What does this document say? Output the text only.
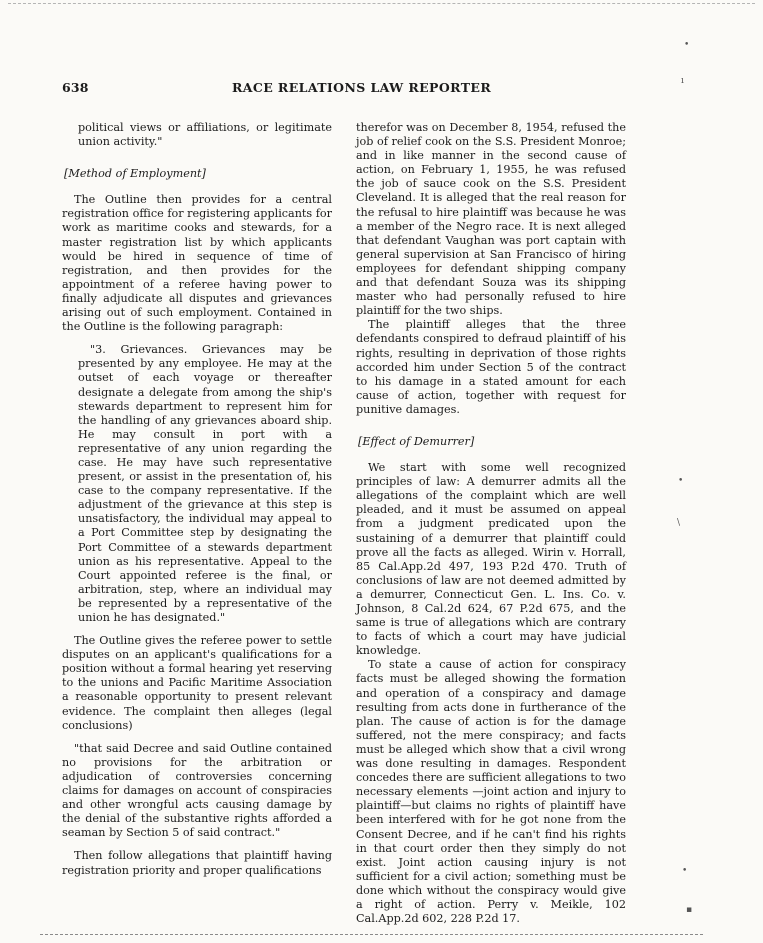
638	RACE RELATIONS LAW REPORTER

political views or affiliations, or legitimate union activity."

[Method of Employment]

The Outline then provides for a central registration office for registering applicants for work as maritime cooks and stewards, for a master registration list by which applicants would be hired in sequence of time of registration, and then provides for the appointment of a referee having power to finally adjudicate all disputes and grievances arising out of such employment. Contained in the Outline is the following paragraph:

"3. Grievances. Grievances may be presented by any employee. He may at the outset of each voyage or thereafter designate a delegate from among the ship's stewards department to represent him for the handling of any grievances aboard ship. He may consult in port with a representative of any union regarding the case. He may have such representative present, or assist in the presentation of, his case to the company representative. If the adjustment of the grievance at this step is unsatisfactory, the individual may appeal to a Port Committee step by designating the Port Committee of a stewards department union as his representative. Appeal to the Court appointed referee is the final, or arbitration, step, where an individual may be represented by a representative of the union he has designated."

The Outline gives the referee power to settle disputes on an applicant's qualifications for a position without a formal hearing yet reserving to the unions and Pacific Maritime Association a reasonable opportunity to present relevant evidence. The complaint then alleges (legal conclusions)

"that said Decree and said Outline contained no provisions for the arbitration or adjudication of controversies concerning claims for damages on account of conspiracies and other wrongful acts causing damage by the denial of the substantive rights afforded a seaman by Section 5 of said contract."

Then follow allegations that plaintiff having registration priority and proper qualifications

therefor was on December 8, 1954, refused the job of relief cook on the S.S. President Monroe; and in like manner in the second cause of action, on February 1, 1955, he was refused the job of sauce cook on the S.S. President Cleveland. It is alleged that the real reason for the refusal to hire plaintiff was because he was a member of the Negro race. It is next alleged that defendant Vaughan was port captain with general supervision at San Francisco of hiring employees for defendant shipping company and that defendant Souza was its shipping master who had personally refused to hire plaintiff for the two ships.

The plaintiff alleges that the three defendants conspired to defraud plaintiff of his rights, resulting in deprivation of those rights accorded him under Section 5 of the contract to his damage in a stated amount for each cause of action, together with request for punitive damages.

[Effect of Demurrer]

We start with some well recognized principles of law: A demurrer admits all the allegations of the complaint which are well pleaded, and it must be assumed on appeal from a judgment predicated upon the sustaining of a demurrer that plaintiff could prove all the facts as alleged. Wirin v. Horrall, 85 Cal.App.2d 497, 193 P.2d 470. Truth of conclusions of law are not deemed admitted by a demurrer, Connecticut Gen. L. Ins. Co. v. Johnson, 8 Cal.2d 624, 67 P.2d 675, and the same is true of allegations which are contrary to facts of which a court may have judicial knowledge.

To state a cause of action for conspiracy facts must be alleged showing the formation and operation of a conspiracy and damage resulting from acts done in furtherance of the plan. The cause of action is for the damage suffered, not the mere conspiracy; and facts must be alleged which show that a civil wrong was done resulting in damages. Respondent concedes there are sufficient allegations to two necessary elements —joint action and injury to plaintiff—but claims no rights of plaintiff have been interfered with for he got none from the Consent Decree, and if he can't find his rights in that court order then they simply do not exist. Joint action causing injury is not sufficient for a civil action; something must be done which without the conspiracy would give a right of action. Perry v. Meikle, 102 Cal.App.2d 602, 228 P.2d 17.

•
ı
•
\
•
▪
